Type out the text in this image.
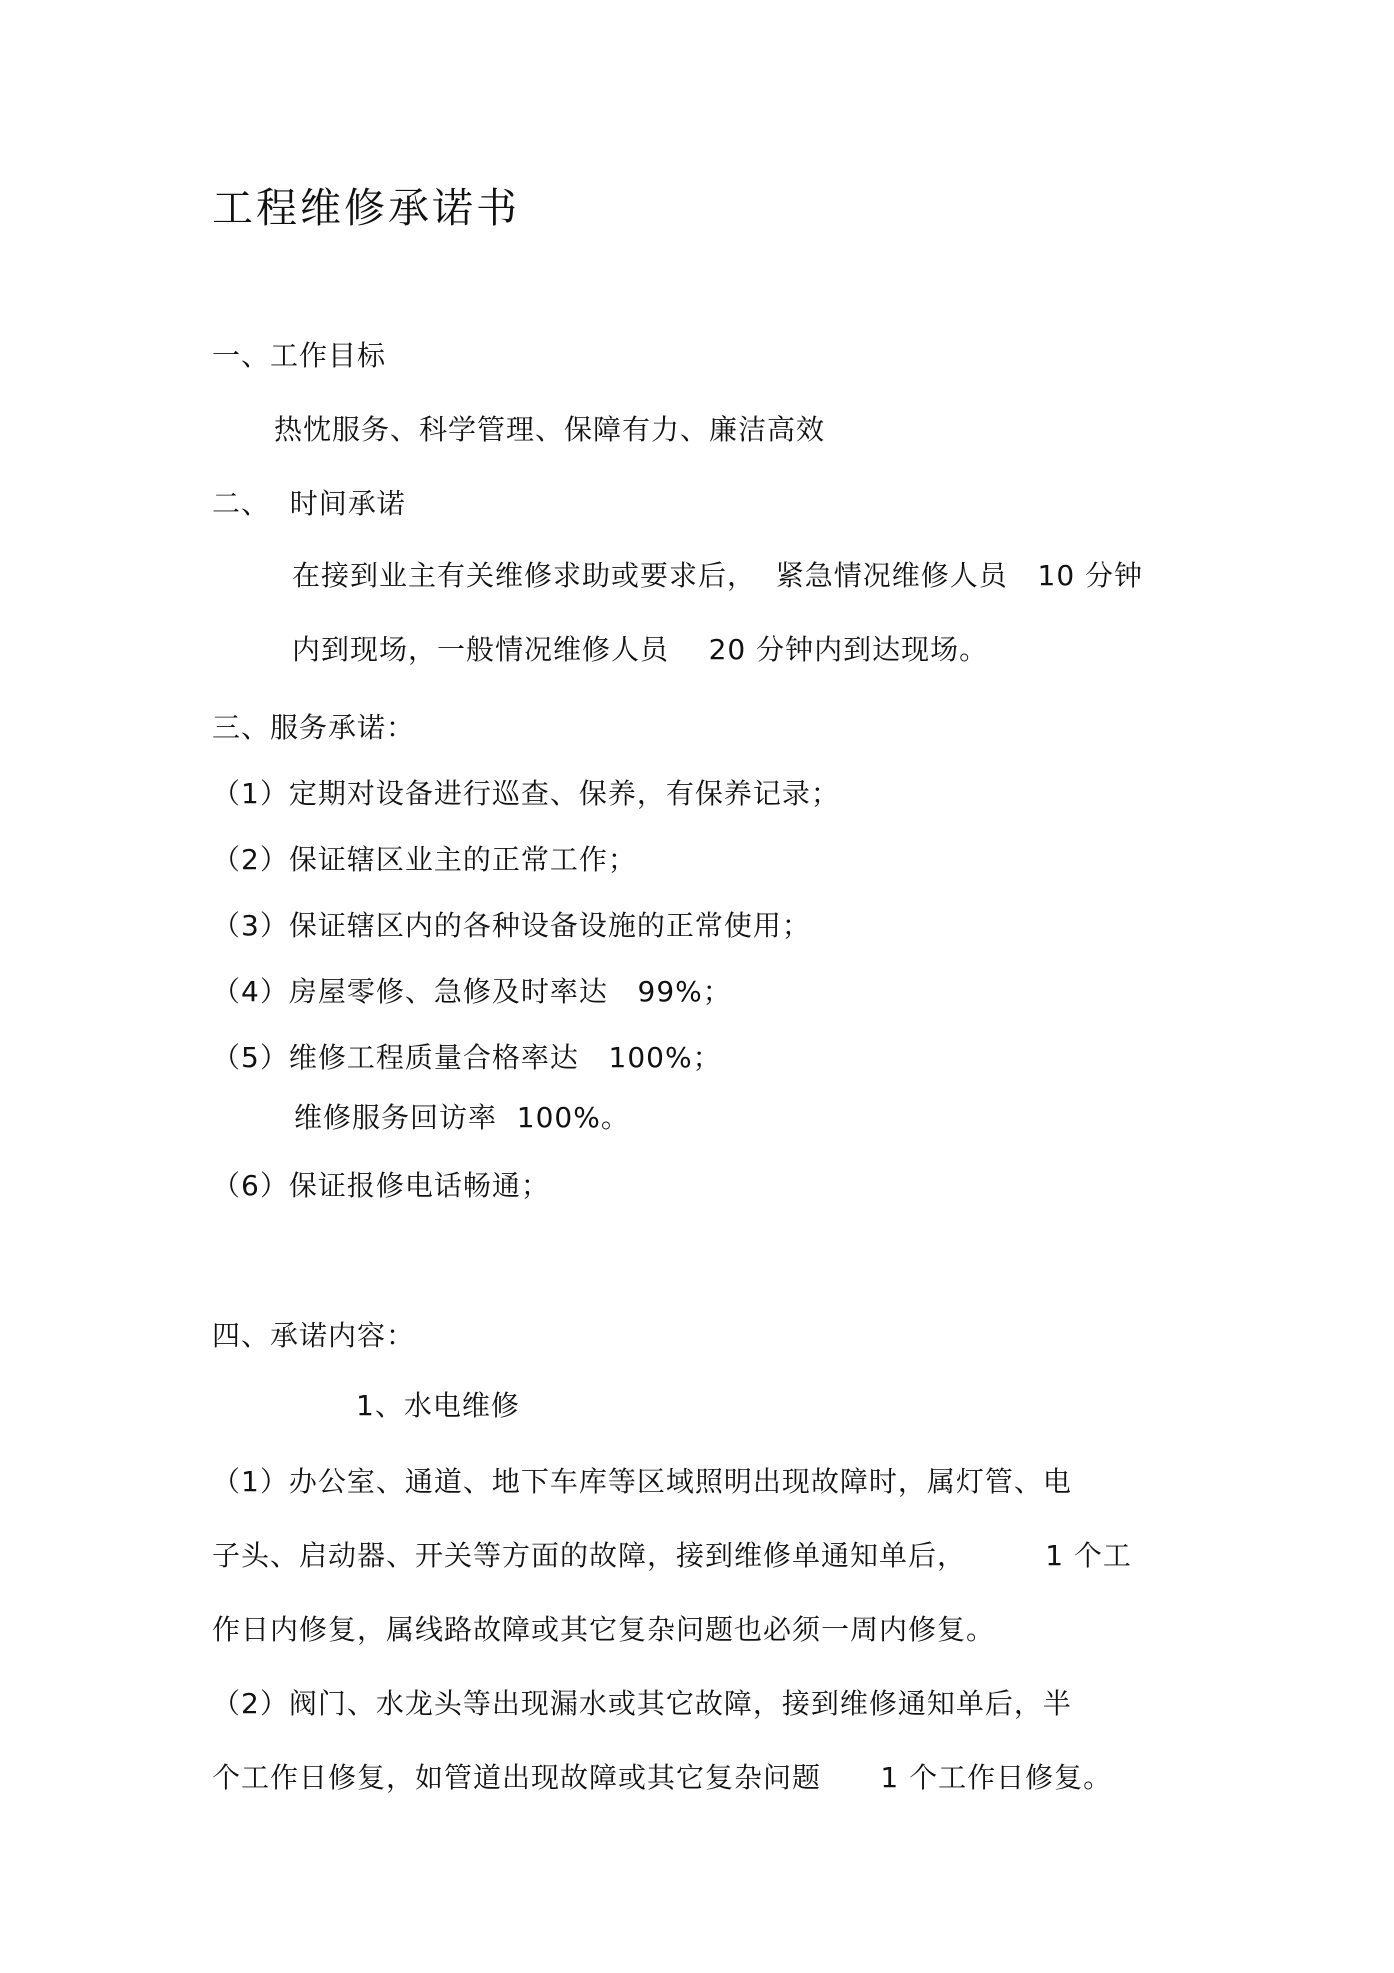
工程维修承诺书
一、工作目标
热忱服务、科学管理、保障有力、廉洁高效
二、  时间承诺
在接到业主有关维修求助或要求后，  紧急情况维修人员   10 分钟
内到现场，一般情况维修人员    20 分钟内到达现场。
三、服务承诺：
（1）定期对设备进行巡查、保养，有保养记录；
（2）保证辖区业主的正常工作；
（3）保证辖区内的各种设备设施的正常使用；
（4）房屋零修、急修及时率达   99%；
（5）维修工程质量合格率达   100%；
维修服务回访率  100%。
（6）保证报修电话畅通；
四、承诺内容：
1、水电维修
（1）办公室、通道、地下车库等区域照明出现故障时，属灯管、电
子头、启动器、开关等方面的故障，接到维修单通知单后，        1 个工
作日内修复，属线路故障或其它复杂问题也必须一周内修复。
（2）阀门、水龙头等出现漏水或其它故障，接到维修通知单后，半
个工作日修复，如管道出现故障或其它复杂问题      1 个工作日修复。
